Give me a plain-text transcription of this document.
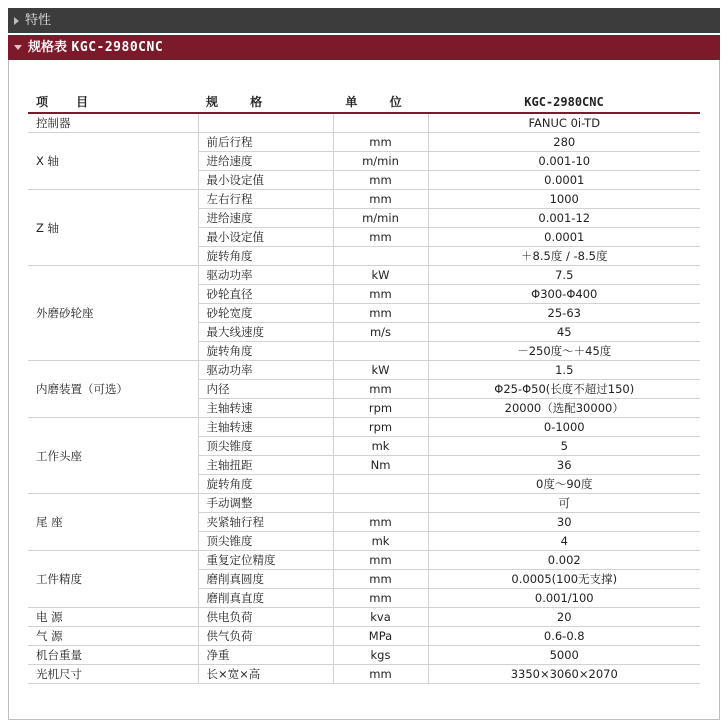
特性
规格表 KGC-2980CNC
项 目	规 格	单 位	KGC-2980CNC
控制器			FANUC 0i-TD
X 轴	前后行程	mm	280
	进给速度	m/min	0.001-10
	最小设定值	mm	0.0001
Z 轴	左右行程	mm	1000
	进给速度	m/min	0.001-12
	最小设定值	mm	0.0001
	旋转角度		＋8.5度 / -8.5度
外磨砂轮座	驱动功率	kW	7.5
	砂轮直径	mm	Φ300-Φ400
	砂轮宽度	mm	25-63
	最大线速度	m/s	45
	旋转角度		－250度～＋45度
内磨装置（可选）	驱动功率	kW	1.5
	内径	mm	Φ25-Φ50(长度不超过150)
	主轴转速	rpm	20000（选配30000）
工作头座	主轴转速	rpm	0-1000
	顶尖锥度	mk	5
	主轴扭距	Nm	36
	旋转角度		0度～90度
尾 座	手动调整		可
	夹紧轴行程	mm	30
	顶尖锥度	mk	4
工件精度	重复定位精度	mm	0.002
	磨削真圆度	mm	0.0005(100无支撑)
	磨削真直度	mm	0.001/100
电 源	供电负荷	kva	20
气 源	供气负荷	MPa	0.6-0.8
机台重量	净重	kgs	5000
光机尺寸	长×宽×高	mm	3350×3060×2070
